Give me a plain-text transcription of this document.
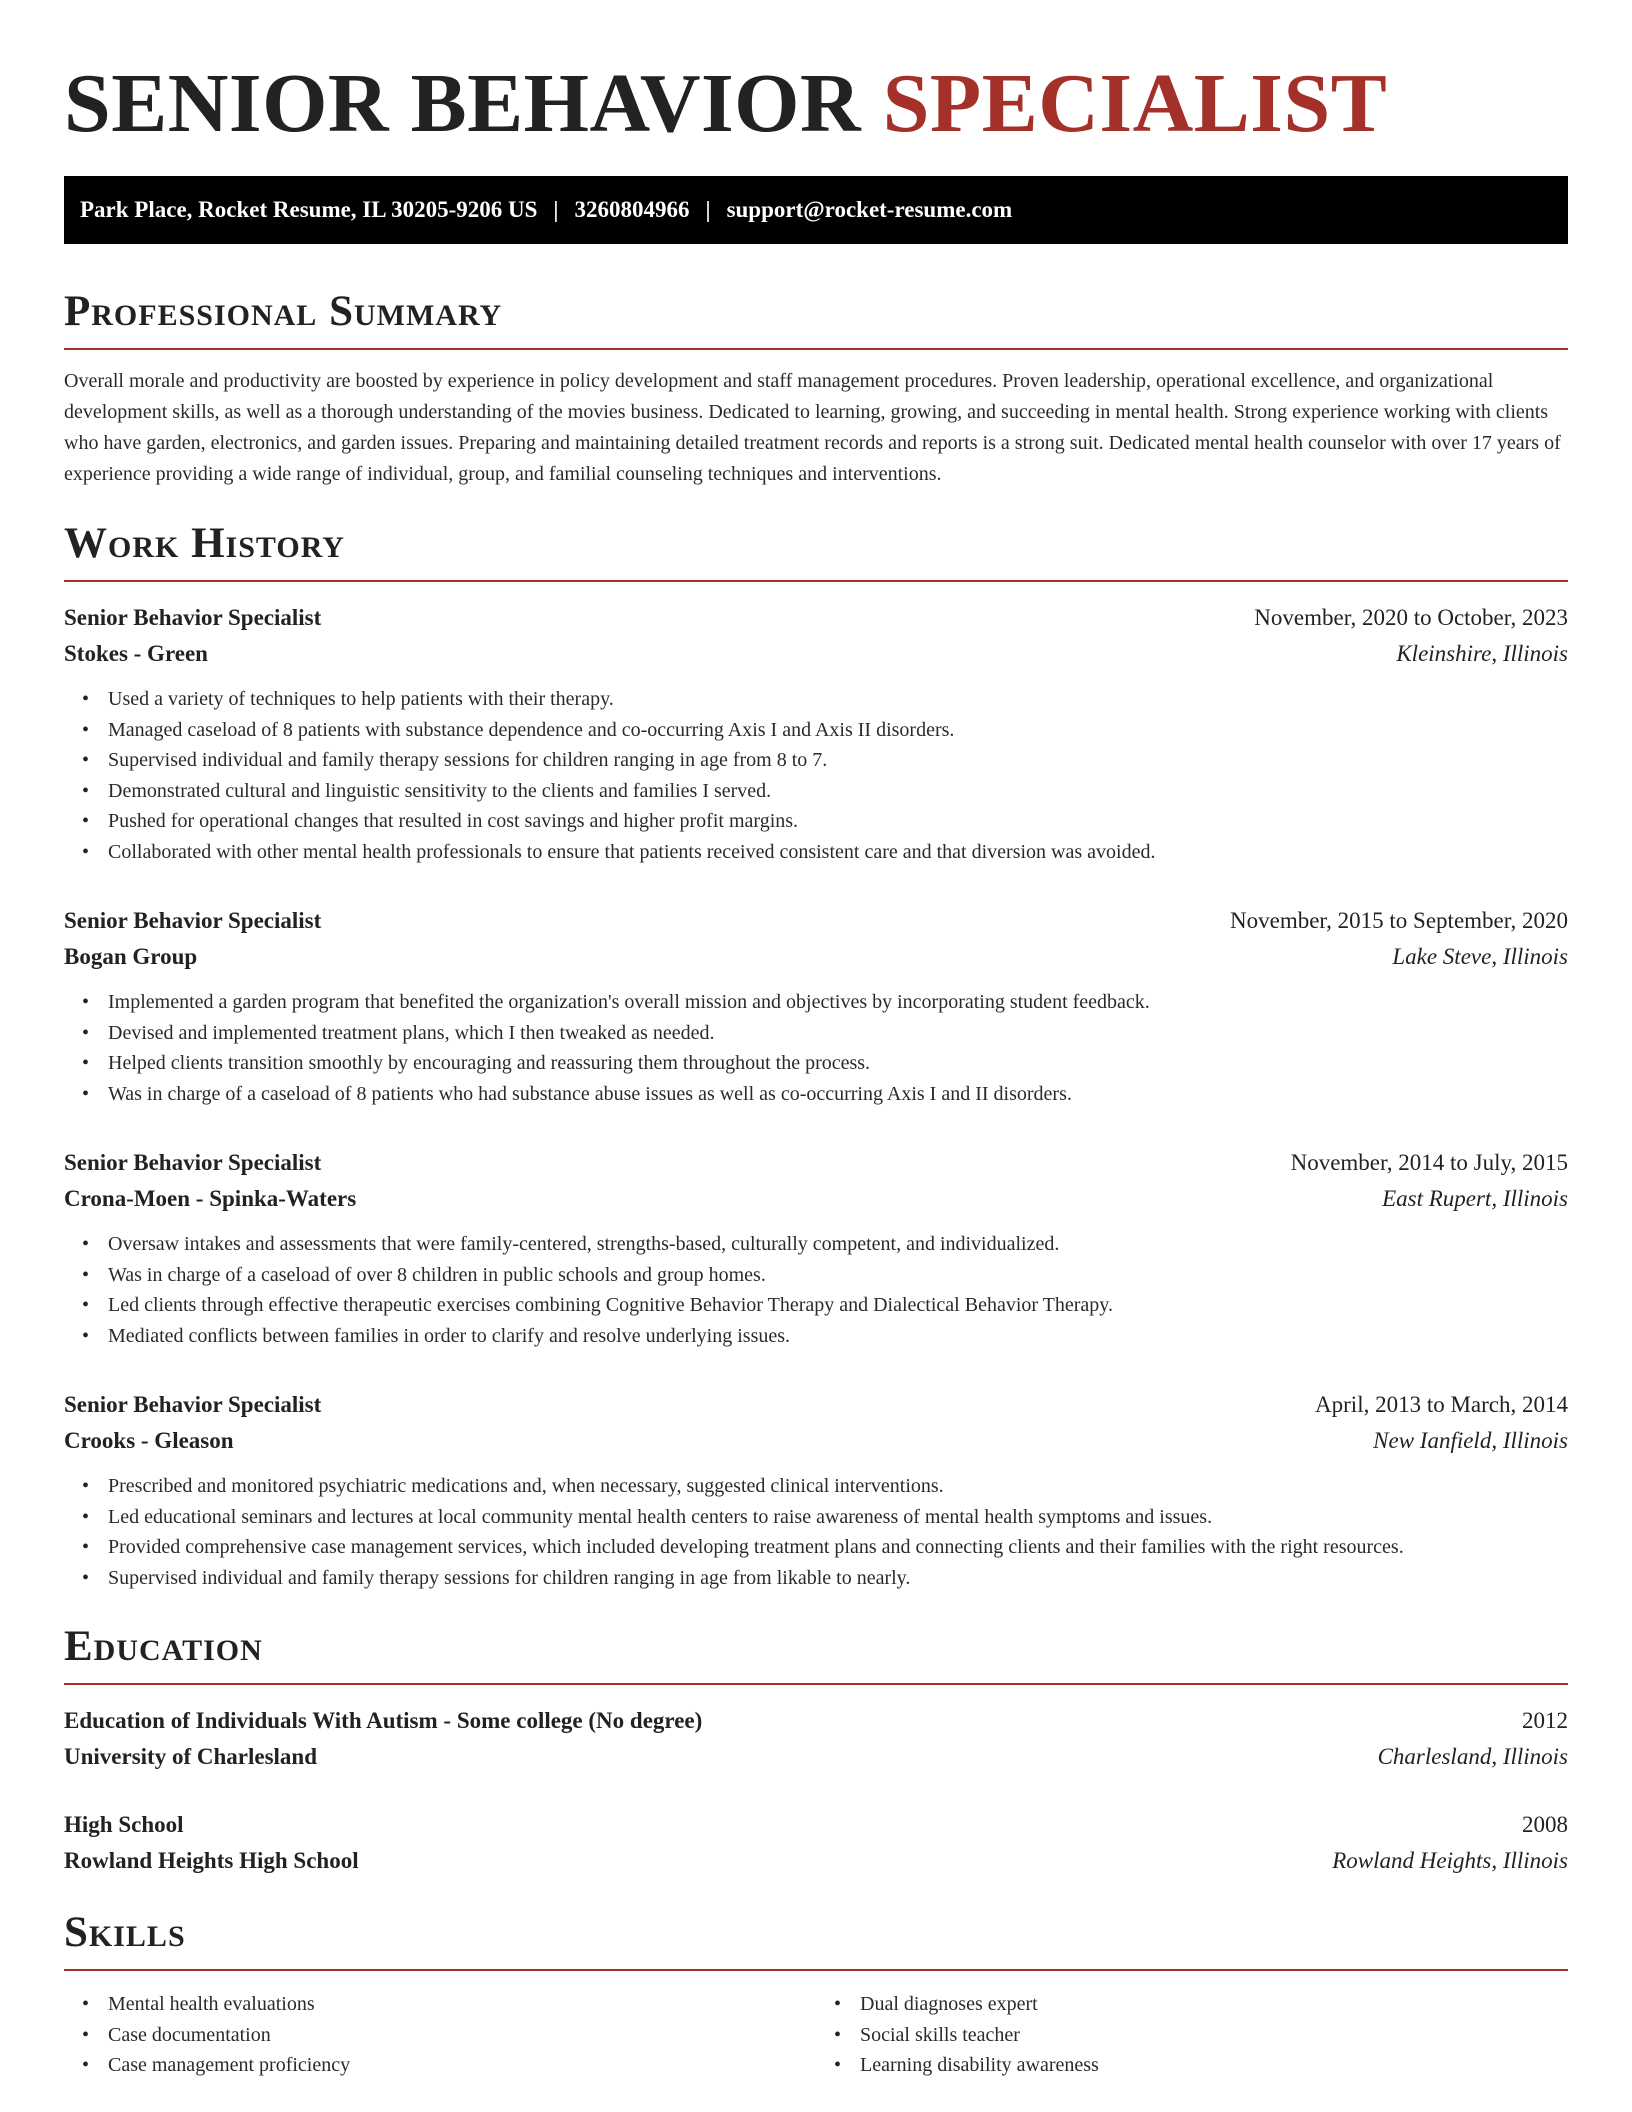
SENIOR BEHAVIOR SPECIALIST
Park Place, Rocket Resume, IL 30205-9206 US | 3260804966 | support@rocket-resume.com
Professional Summary

Overall morale and productivity are boosted by experience in policy development and staff management procedures. Proven leadership, operational excellence, and organizational development skills, as well as a thorough understanding of the movies business. Dedicated to learning, growing, and succeeding in mental health. Strong experience working with clients who have garden, electronics, and garden issues. Preparing and maintaining detailed treatment records and reports is a strong suit. Dedicated mental health counselor with over 17 years of experience providing a wide range of individual, group, and familial counseling techniques and interventions.

Work History
Senior Behavior Specialist	November, 2020 to October, 2023
Stokes - Green	Kleinshire, Illinois
• Used a variety of techniques to help patients with their therapy.
• Managed caseload of 8 patients with substance dependence and co-occurring Axis I and Axis II disorders.
• Supervised individual and family therapy sessions for children ranging in age from 8 to 7.
• Demonstrated cultural and linguistic sensitivity to the clients and families I served.
• Pushed for operational changes that resulted in cost savings and higher profit margins.
• Collaborated with other mental health professionals to ensure that patients received consistent care and that diversion was avoided.
Senior Behavior Specialist	November, 2015 to September, 2020
Bogan Group	Lake Steve, Illinois
• Implemented a garden program that benefited the organization's overall mission and objectives by incorporating student feedback.
• Devised and implemented treatment plans, which I then tweaked as needed.
• Helped clients transition smoothly by encouraging and reassuring them throughout the process.
• Was in charge of a caseload of 8 patients who had substance abuse issues as well as co-occurring Axis I and II disorders.
Senior Behavior Specialist	November, 2014 to July, 2015
Crona-Moen - Spinka-Waters	East Rupert, Illinois
• Oversaw intakes and assessments that were family-centered, strengths-based, culturally competent, and individualized.
• Was in charge of a caseload of over 8 children in public schools and group homes.
• Led clients through effective therapeutic exercises combining Cognitive Behavior Therapy and Dialectical Behavior Therapy.
• Mediated conflicts between families in order to clarify and resolve underlying issues.
Senior Behavior Specialist	April, 2013 to March, 2014
Crooks - Gleason	New Ianfield, Illinois
• Prescribed and monitored psychiatric medications and, when necessary, suggested clinical interventions.
• Led educational seminars and lectures at local community mental health centers to raise awareness of mental health symptoms and issues.
• Provided comprehensive case management services, which included developing treatment plans and connecting clients and their families with the right resources.
• Supervised individual and family therapy sessions for children ranging in age from likable to nearly.
Education
Education of Individuals With Autism - Some college (No degree)	2012
University of Charlesland	Charlesland, Illinois
High School	2008
Rowland Heights High School	Rowland Heights, Illinois
Skills
• Mental health evaluations
• Case documentation
• Case management proficiency
• Dual diagnoses expert
• Social skills teacher
• Learning disability awareness
